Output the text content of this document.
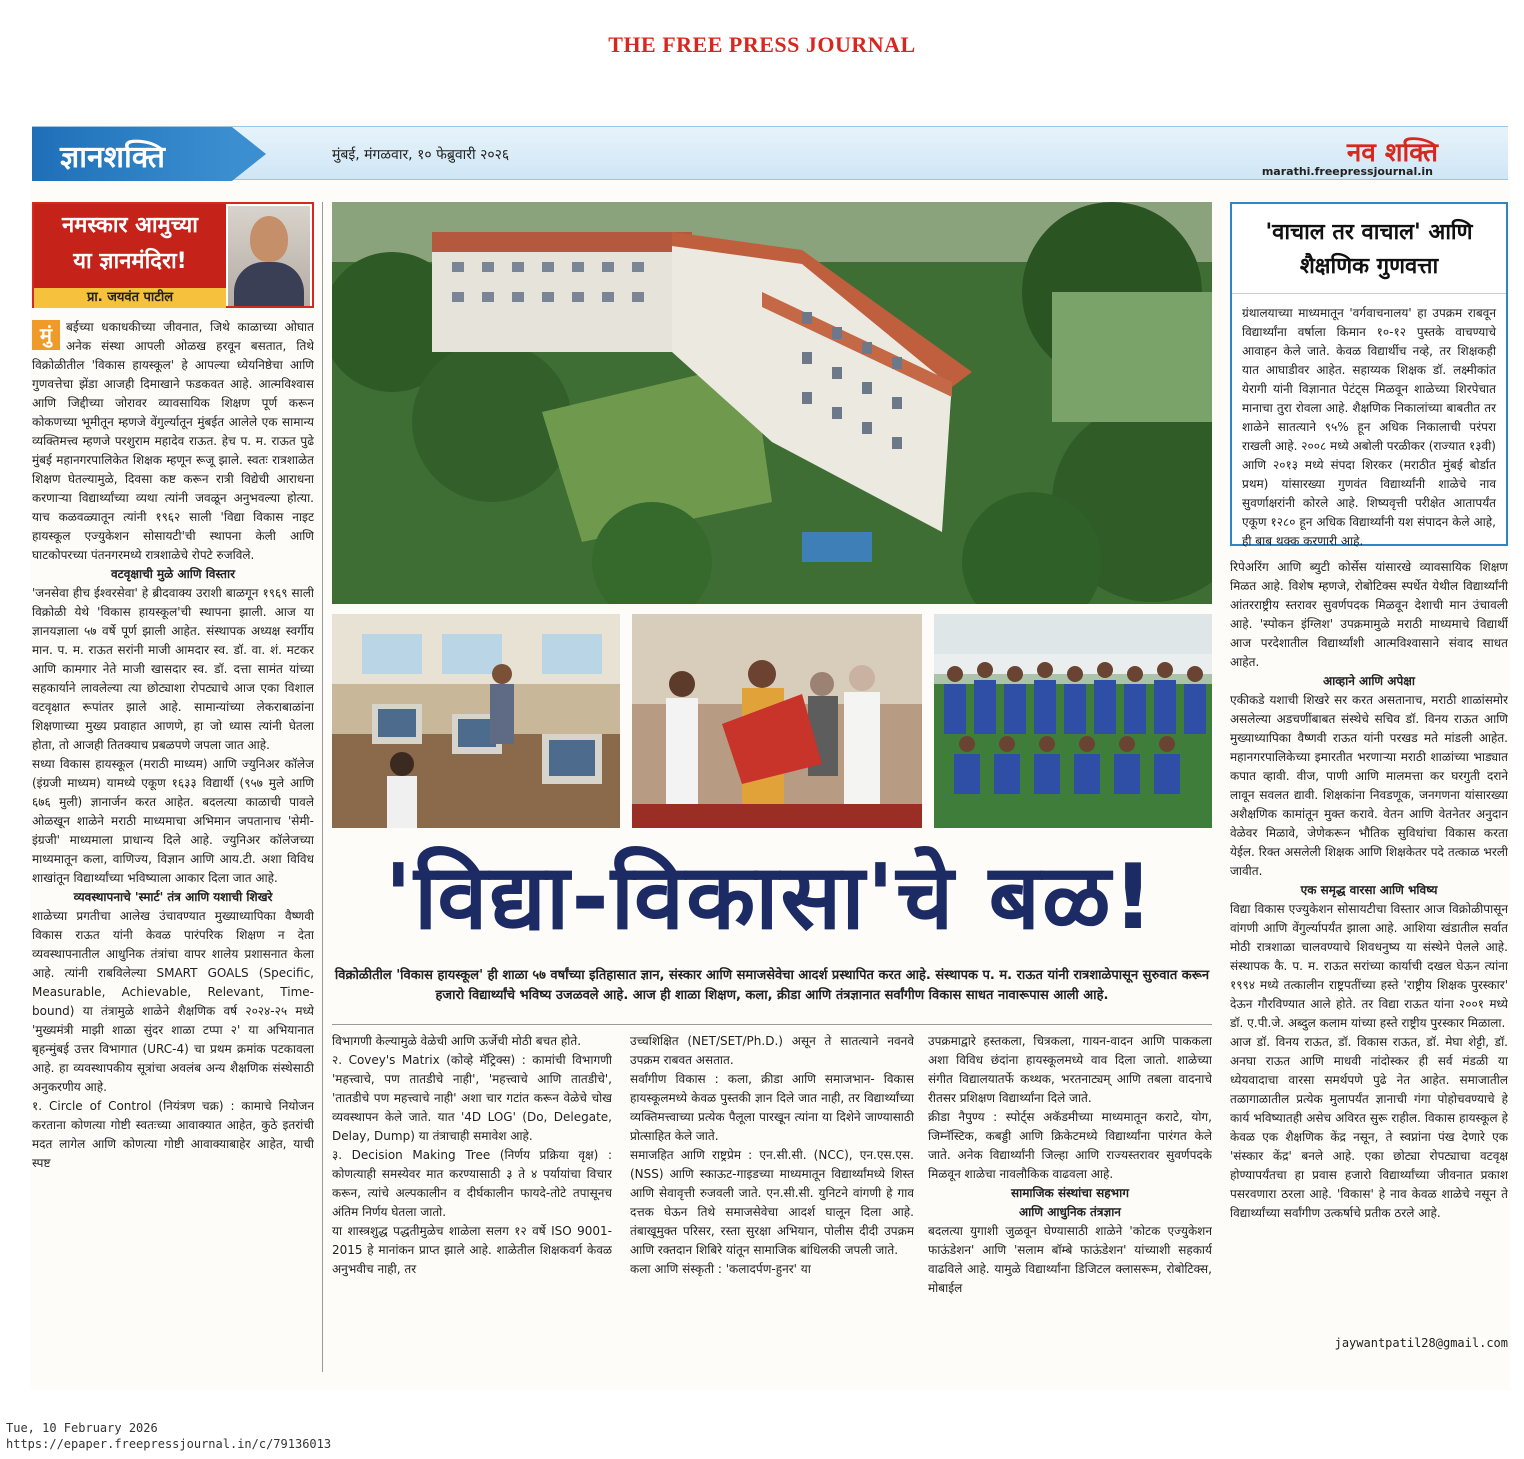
THE FREE PRESS JOURNAL
ज्ञानशक्ति	मुंबई, मंगळवार, १० फेब्रुवारी २०२६	नव शक्ति
marathi.freepressjournal.in
नमस्कार आमुच्या
या ज्ञानमंदिरा!
प्रा. जयवंत पाटील

मुं	बईच्या धकाधकीच्या जीवनात, जिथे काळाच्या ओघात अनेक संस्था आपली ओळख हरवून बसतात, तिथे विक्रोळीतील 'विकास हायस्कूल' हे आपल्या ध्येयनिष्ठेचा आणि गुणवत्तेचा झेंडा आजही दिमाखाने फडकवत आहे. आत्मविश्वास आणि जिद्दीच्या जोरावर व्यावसायिक शिक्षण पूर्ण करून कोकणच्या भूमीतून म्हणजे वेंगुर्ल्यातून मुंबईत आलेले एक सामान्य व्यक्तिमत्त्व म्हणजे परशुराम महादेव राऊत. हेच प. म. राऊत पुढे मुंबई महानगरपालिकेत शिक्षक म्हणून रूजू झाले. स्वतः रात्रशाळेत शिक्षण घेतल्यामुळे, दिवसा कष्ट करून रात्री विद्येची आराधना करणाऱ्या विद्यार्थ्यांच्या व्यथा त्यांनी जवळून अनुभवल्या होत्या. याच कळवळ्यातून त्यांनी १९६२ साली 'विद्या विकास नाइट हायस्कूल एज्युकेशन सोसायटी'ची स्थापना केली आणि घाटकोपरच्या पंतनगरमध्ये रात्रशाळेचे रोपटे रुजविले.

वटवृक्षाची मुळे आणि विस्तार

'जनसेवा हीच ईश्वरसेवा' हे ब्रीदवाक्य उराशी बाळगून १९६९ साली विक्रोळी येथे 'विकास हायस्कूल'ची स्थापना झाली. आज या ज्ञानयज्ञाला ५७ वर्षे पूर्ण झाली आहेत. संस्थापक अध्यक्ष स्वर्गीय मान. प. म. राऊत सरांनी माजी आमदार स्व. डॉ. वा. शं. मटकर आणि कामगार नेते माजी खासदार स्व. डॉ. दत्ता सामंत यांच्या सहकार्याने लावलेल्या त्या छोट्याशा रोपट्याचे आज एका विशाल वटवृक्षात रूपांतर झाले आहे. सामान्यांच्या लेकराबाळांना शिक्षणाच्या मुख्य प्रवाहात आणणे, हा जो ध्यास त्यांनी घेतला होता, तो आजही तितक्याच प्रबळपणे जपला जात आहे.

सध्या विकास हायस्कूल (मराठी माध्यम) आणि ज्युनिअर कॉलेज (इंग्रजी माध्यम) यामध्ये एकूण १६३३ विद्यार्थी (९५७ मुले आणि ६७६ मुली) ज्ञानार्जन करत आहेत. बदलत्या काळाची पावले ओळखून शाळेने मराठी माध्यमाचा अभिमान जपतानाच 'सेमी-इंग्रजी' माध्यमाला प्राधान्य दिले आहे. ज्युनिअर कॉलेजच्या माध्यमातून कला, वाणिज्य, विज्ञान आणि आय.टी. अशा विविध शाखांतून विद्यार्थ्यांच्या भविष्याला आकार दिला जात आहे.

व्यवस्थापनाचे 'स्मार्ट' तंत्र आणि यशाची शिखरे

शाळेच्या प्रगतीचा आलेख उंचावण्यात मुख्याध्यापिका वैष्णवी विकास राऊत यांनी केवळ पारंपरिक शिक्षण न देता व्यवस्थापनातील आधुनिक तंत्रांचा वापर शालेय प्रशासनात केला आहे. त्यांनी राबविलेल्या SMART GOALS (Specific, Measurable, Achievable, Relevant, Time-bound) या तंत्रामुळे शाळेने शैक्षणिक वर्ष २०२४-२५ मध्ये 'मुख्यमंत्री माझी शाळा सुंदर शाळा टप्पा २' या अभियानात बृहन्मुंबई उत्तर विभागात (URC-4) चा प्रथम क्रमांक पटकावला आहे. हा व्यवस्थापकीय सूत्रांचा अवलंब अन्य शैक्षणिक संस्थेसाठी अनुकरणीय आहे.

१. Circle of Control (नियंत्रण चक्र) : कामाचे नियोजन करताना कोणत्या गोष्टी स्वतःच्या आवाक्यात आहेत, कुठे इतरांची मदत लागेल आणि कोणत्या गोष्टी आवाक्याबाहेर आहेत, याची स्पष्ट

'विद्या-विकासा'चे बळ!
विक्रोळीतील 'विकास हायस्कूल' ही शाळा ५७ वर्षांच्या इतिहासात ज्ञान, संस्कार आणि समाजसेवेचा आदर्श प्रस्थापित करत आहे. संस्थापक प. म. राऊत यांनी रात्रशाळेपासून सुरुवात करून हजारो विद्यार्थ्यांचे भविष्य उजळवले आहे. आज ही शाळा शिक्षण, कला, क्रीडा आणि तंत्रज्ञानात सर्वांगीण विकास साधत नावारूपास आली आहे.

विभागणी केल्यामुळे वेळेची आणि ऊर्जेची मोठी बचत होते.

२. Covey's Matrix (कोव्हे मॅट्रिक्स) : कामांची विभागणी 'महत्त्वाचे, पण तातडीचे नाही', 'महत्त्वाचे आणि तातडीचे', 'तातडीचे पण महत्त्वाचे नाही' अशा चार गटांत करून वेळेचे चोख व्यवस्थापन केले जाते. यात '4D LOG' (Do, Delegate, Delay, Dump) या तंत्राचाही समावेश आहे.

३. Decision Making Tree (निर्णय प्रक्रिया वृक्ष) : कोणत्याही समस्येवर मात करण्यासाठी ३ ते ४ पर्यायांचा विचार करून, त्यांचे अल्पकालीन व दीर्घकालीन फायदे-तोटे तपासूनच अंतिम निर्णय घेतला जातो.

या शास्त्रशुद्ध पद्धतीमुळेच शाळेला सलग १२ वर्षे ISO 9001-2015 हे मानांकन प्राप्त झाले आहे. शाळेतील शिक्षकवर्ग केवळ अनुभवीच नाही, तर

उच्चशिक्षित (NET/SET/Ph.D.) असून ते सातत्याने नवनवे उपक्रम राबवत असतात.

सर्वांगीण विकास : कला, क्रीडा आणि समाजभान- विकास हायस्कूलमध्ये केवळ पुस्तकी ज्ञान दिले जात नाही, तर विद्यार्थ्यांच्या व्यक्तिमत्त्वाच्या प्रत्येक पैलूला पारखून त्यांना या दिशेने जाण्यासाठी प्रोत्साहित केले जाते.

समाजहित आणि राष्ट्रप्रेम : एन.सी.सी. (NCC), एन.एस.एस. (NSS) आणि स्काऊट-गाइडच्या माध्यमातून विद्यार्थ्यांमध्ये शिस्त आणि सेवावृत्ती रुजवली जाते. एन.सी.सी. युनिटने वांगणी हे गाव दत्तक घेऊन तिथे समाजसेवेचा आदर्श घालून दिला आहे. तंबाखूमुक्त परिसर, रस्ता सुरक्षा अभियान, पोलीस दीदी उपक्रम आणि रक्तदान शिबिरे यांतून सामाजिक बांधिलकी जपली जाते.

कला आणि संस्कृती : 'कलादर्पण-हुनर' या

उपक्रमाद्वारे हस्तकला, चित्रकला, गायन-वादन आणि पाककला अशा विविध छंदांना हायस्कूलमध्ये वाव दिला जातो. शाळेच्या संगीत विद्यालयातर्फे कथ्थक, भरतनाट्यम् आणि तबला वादनाचे रीतसर प्रशिक्षण विद्यार्थ्यांना दिले जाते.

क्रीडा नैपुण्य : स्पोर्ट्स अकॅडमीच्या माध्यमातून कराटे, योग, जिम्नॅस्टिक, कबड्डी आणि क्रिकेटमध्ये विद्यार्थ्यांना पारंगत केले जाते. अनेक विद्यार्थ्यांनी जिल्हा आणि राज्यस्तरावर सुवर्णपदके मिळवून शाळेचा नावलौकिक वाढवला आहे.

सामाजिक संस्थांचा सहभाग

आणि आधुनिक तंत्रज्ञान

बदलत्या युगाशी जुळवून घेण्यासाठी शाळेने 'कोटक एज्युकेशन फाऊंडेशन' आणि 'सलाम बॉम्बे फाऊंडेशन' यांच्याशी सहकार्य वाढविले आहे. यामुळे विद्यार्थ्यांना डिजिटल क्लासरूम, रोबोटिक्स, मोबाईल

'वाचाल तर वाचाल' आणि
शैक्षणिक गुणवत्ता
ग्रंथालयाच्या माध्यमातून 'वर्गवाचनालय' हा उपक्रम राबवून विद्यार्थ्यांना वर्षाला किमान १०-१२ पुस्तके वाचण्याचे आवाहन केले जाते. केवळ विद्यार्थीच नव्हे, तर शिक्षकही यात आघाडीवर आहेत. सहाय्यक शिक्षक डॉ. लक्ष्मीकांत येरागी यांनी विज्ञानात पेटंट्स मिळवून शाळेच्या शिरपेचात मानाचा तुरा रोवला आहे. शैक्षणिक निकालांच्या बाबतीत तर शाळेने सातत्याने ९५% हून अधिक निकालाची परंपरा राखली आहे. २००८ मध्ये अबोली परळीकर (राज्यात १३वी) आणि २०१३ मध्ये संपदा शिरकर (मराठीत मुंबई बोर्डात प्रथम) यांसारख्या गुणवंत विद्यार्थ्यांनी शाळेचे नाव सुवर्णाक्षरांनी कोरले आहे. शिष्यवृत्ती परीक्षेत आतापर्यंत एकूण १२८० हून अधिक विद्यार्थ्यांनी यश संपादन केले आहे, ही बाब थक्क करणारी आहे.

रिपेअरिंग आणि ब्युटी कोर्सेस यांसारखे व्यावसायिक शिक्षण मिळत आहे. विशेष म्हणजे, रोबोटिक्स स्पर्धेत येथील विद्यार्थ्यांनी आंतरराष्ट्रीय स्तरावर सुवर्णपदक मिळवून देशाची मान उंचावली आहे. 'स्पोकन इंग्लिश' उपक्रमामुळे मराठी माध्यमाचे विद्यार्थी आज परदेशातील विद्यार्थ्यांशी आत्मविश्वासाने संवाद साधत आहेत.

आव्हाने आणि अपेक्षा

एकीकडे यशाची शिखरे सर करत असतानाच, मराठी शाळांसमोर असलेल्या अडचणींबाबत संस्थेचे सचिव डॉ. विनय राऊत आणि मुख्याध्यापिका वैष्णवी राऊत यांनी परखड मते मांडली आहेत. महानगरपालिकेच्या इमारतीत भरणाऱ्या मराठी शाळांच्या भाड्यात कपात व्हावी. वीज, पाणी आणि मालमत्ता कर घरगुती दराने लावून सवलत द्यावी. शिक्षकांना निवडणूक, जनगणना यांसारख्या अशैक्षणिक कामांतून मुक्त करावे. वेतन आणि वेतनेतर अनुदान वेळेवर मिळावे, जेणेकरून भौतिक सुविधांचा विकास करता येईल. रिक्त असलेली शिक्षक आणि शिक्षकेतर पदे तत्काळ भरली जावीत.

एक समृद्ध वारसा आणि भविष्य

विद्या विकास एज्युकेशन सोसायटीचा विस्तार आज विक्रोळीपासून वांगणी आणि वेंगुर्ल्यापर्यंत झाला आहे. आशिया खंडातील सर्वात मोठी रात्रशाळा चालवण्याचे शिवधनुष्य या संस्थेने पेलले आहे. संस्थापक कै. प. म. राऊत सरांच्या कार्याची दखल घेऊन त्यांना १९९४ मध्ये तत्कालीन राष्ट्रपतींच्या हस्ते 'राष्ट्रीय शिक्षक पुरस्कार' देऊन गौरविण्यात आले होते. तर विद्या राऊत यांना २००१ मध्ये डॉ. ए.पी.जे. अब्दुल कलाम यांच्या हस्ते राष्ट्रीय पुरस्कार मिळाला.

आज डॉ. विनय राऊत, डॉ. विकास राऊत, डॉ. मेघा शेट्टी, डॉ. अनघा राऊत आणि माधवी नांदोस्कर ही सर्व मंडळी या ध्येयवादाचा वारसा समर्थपणे पुढे नेत आहेत. समाजातील तळागाळातील प्रत्येक मुलापर्यंत ज्ञानाची गंगा पोहोचवण्याचे हे कार्य भविष्यातही असेच अविरत सुरू राहील. विकास हायस्कूल हे केवळ एक शैक्षणिक केंद्र नसून, ते स्वप्नांना पंख देणारे एक 'संस्कार केंद्र' बनले आहे. एका छोट्या रोपट्याचा वटवृक्ष होण्यापर्यंतचा हा प्रवास हजारो विद्यार्थ्यांच्या जीवनात प्रकाश पसरवणारा ठरला आहे. 'विकास' हे नाव केवळ शाळेचे नसून ते विद्यार्थ्यांच्या सर्वांगीण उत्कर्षाचे प्रतीक ठरले आहे.

jaywantpatil28@gmail.com
Tue, 10 February 2026
https://epaper.freepressjournal.in/c/79136013
